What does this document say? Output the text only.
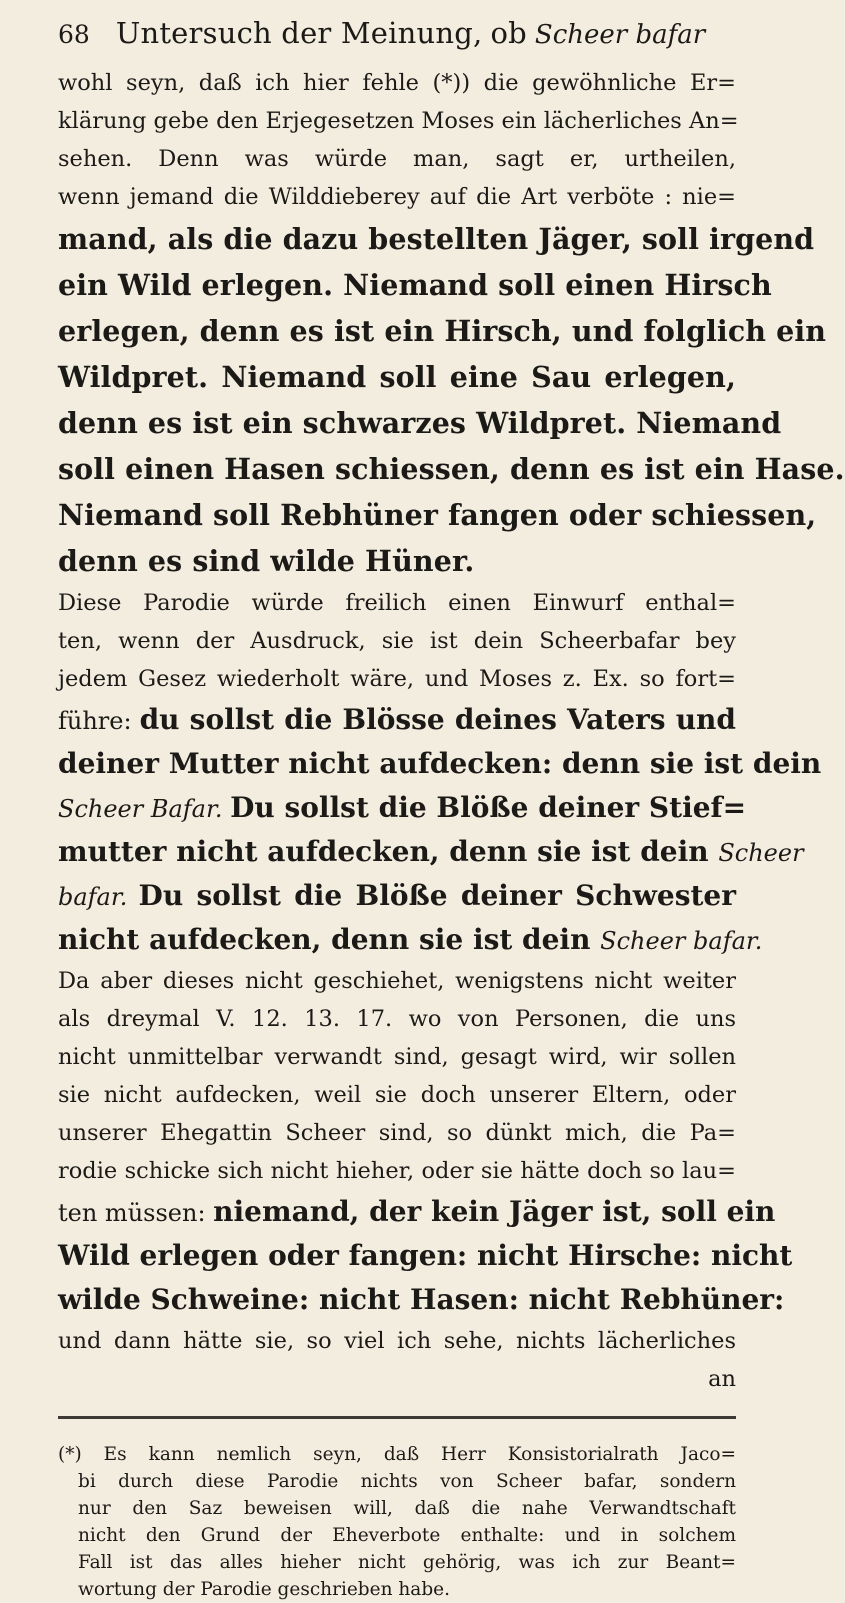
68 Untersuch der Meinung, ob Scheer bafar
wohl seyn, daß ich hier fehle (*)) die gewöhnliche Er=
klärung gebe den Erjegesetzen Moses ein lächerliches An=
sehen. Denn was würde man, sagt er, urtheilen,
wenn jemand die Wilddieberey auf die Art verböte : nie=
mand, als die dazu bestellten Jäger, soll irgend
ein Wild erlegen. Niemand soll einen Hirsch
erlegen, denn es ist ein Hirsch, und folglich ein
Wildpret. Niemand soll eine Sau erlegen,
denn es ist ein schwarzes Wildpret. Niemand
soll einen Hasen schiessen, denn es ist ein Hase.
Niemand soll Rebhüner fangen oder schiessen,
denn es sind wilde Hüner.
Diese Parodie würde freilich einen Einwurf enthal=
ten, wenn der Ausdruck, sie ist dein Scheerbafar bey
jedem Gesez wiederholt wäre, und Moses z. Ex. so fort=
führe: du sollst die Blösse deines Vaters und
deiner Mutter nicht aufdecken: denn sie ist dein
Scheer Bafar. Du sollst die Blöße deiner Stief=
mutter nicht aufdecken, denn sie ist dein Scheer
bafar. Du sollst die Blöße deiner Schwester
nicht aufdecken, denn sie ist dein Scheer bafar.
Da aber dieses nicht geschiehet, wenigstens nicht weiter
als dreymal V. 12. 13. 17. wo von Personen, die uns
nicht unmittelbar verwandt sind, gesagt wird, wir sollen
sie nicht aufdecken, weil sie doch unserer Eltern, oder
unserer Ehegattin Scheer sind, so dünkt mich, die Pa=
rodie schicke sich nicht hieher, oder sie hätte doch so lau=
ten müssen: niemand, der kein Jäger ist, soll ein
Wild erlegen oder fangen: nicht Hirsche: nicht
wilde Schweine: nicht Hasen: nicht Rebhüner:
und dann hätte sie, so viel ich sehe, nichts lächerliches
an
(*) Es kann nemlich seyn, daß Herr Konsistorialrath Jaco=
bi durch diese Parodie nichts von Scheer bafar, sondern
nur den Saz beweisen will, daß die nahe Verwandtschaft
nicht den Grund der Eheverbote enthalte: und in solchem
Fall ist das alles hieher nicht gehörig, was ich zur Beant=
wortung der Parodie geschrieben habe.
